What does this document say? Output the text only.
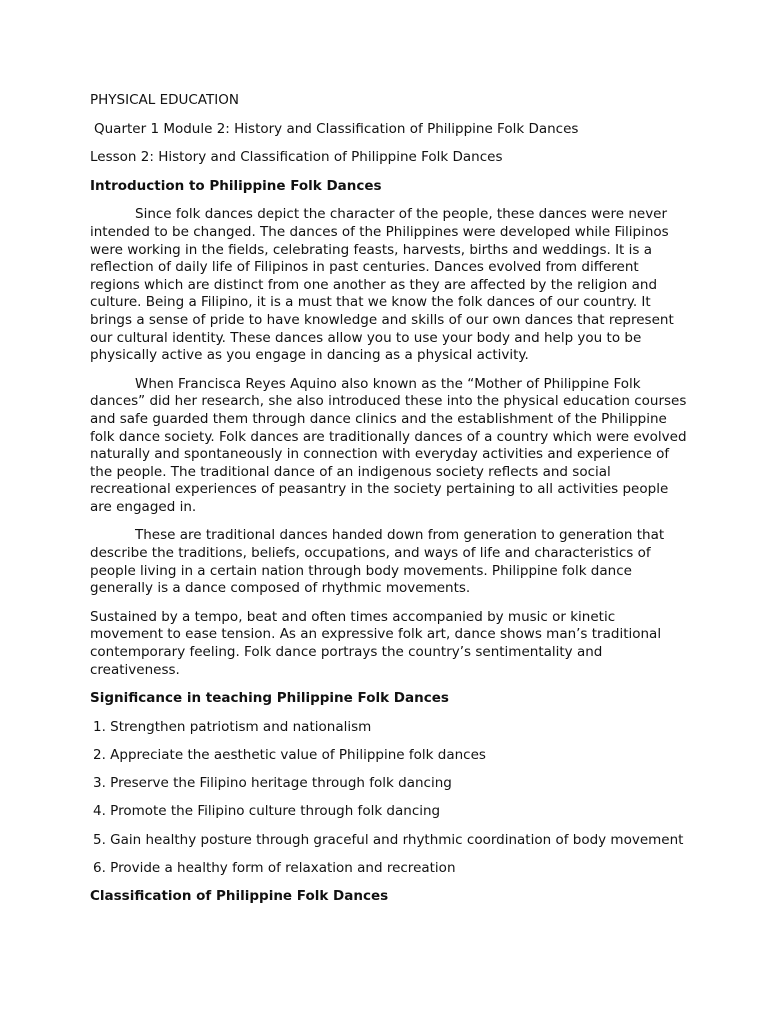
PHYSICAL EDUCATION

Quarter 1 Module 2: History and Classification of Philippine Folk Dances

Lesson 2: History and Classification of Philippine Folk Dances

Introduction to Philippine Folk Dances

Since folk dances depict the character of the people, these dances were never intended to be changed. The dances of the Philippines were developed while Filipinos were working in the fields, celebrating feasts, harvests, births and weddings. It is a reflection of daily life of Filipinos in past centuries. Dances evolved from different regions which are distinct from one another as they are affected by the religion and culture. Being a Filipino, it is a must that we know the folk dances of our country. It brings a sense of pride to have knowledge and skills of our own dances that represent our cultural identity. These dances allow you to use your body and help you to be physically active as you engage in dancing as a physical activity.

When Francisca Reyes Aquino also known as the “Mother of Philippine Folk dances” did her research, she also introduced these into the physical education courses and safe guarded them through dance clinics and the establishment of the Philippine folk dance society. Folk dances are traditionally dances of a country which were evolved naturally and spontaneously in connection with everyday activities and experience of the people. The traditional dance of an indigenous society reflects and social recreational experiences of peasantry in the society pertaining to all activities people are engaged in.

These are traditional dances handed down from generation to generation that describe the traditions, beliefs, occupations, and ways of life and characteristics of people living in a certain nation through body movements. Philippine folk dance generally is a dance composed of rhythmic movements.

Sustained by a tempo, beat and often times accompanied by music or kinetic movement to ease tension. As an expressive folk art, dance shows man’s traditional contemporary feeling. Folk dance portrays the country’s sentimentality and creativeness.

Significance in teaching Philippine Folk Dances

1. Strengthen patriotism and nationalism

2. Appreciate the aesthetic value of Philippine folk dances

3. Preserve the Filipino heritage through folk dancing

4. Promote the Filipino culture through folk dancing

5. Gain healthy posture through graceful and rhythmic coordination of body movement

6. Provide a healthy form of relaxation and recreation

Classification of Philippine Folk Dances
